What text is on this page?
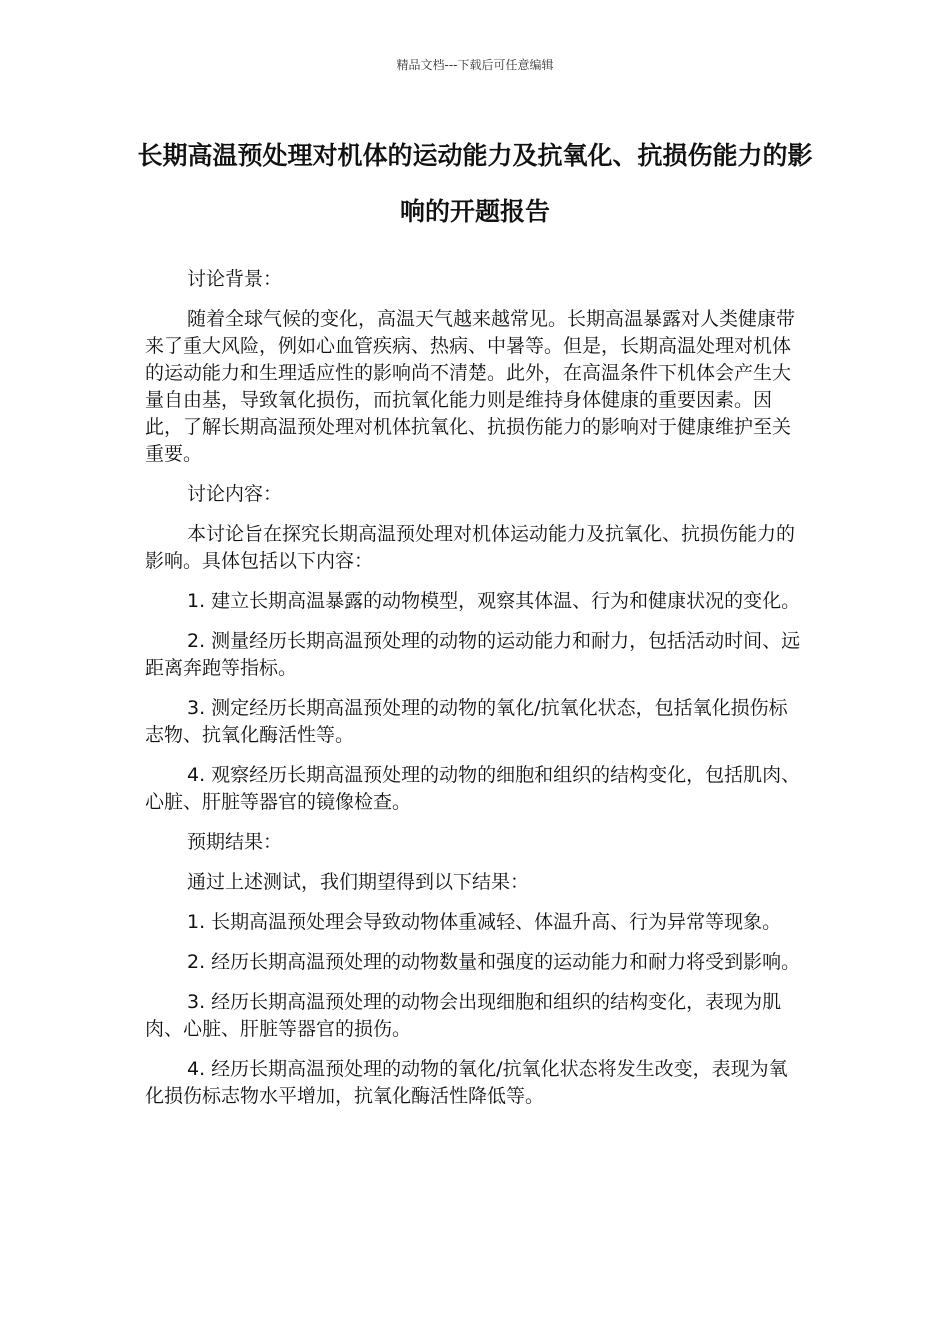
精品文档---下载后可任意编辑
长期高温预处理对机体的运动能力及抗氧化、抗损伤能力的影响的开题报告

讨论背景：

随着全球气候的变化，高温天气越来越常见。长期高温暴露对人类健康带来了重大风险，例如心血管疾病、热病、中暑等。但是，长期高温处理对机体的运动能力和生理适应性的影响尚不清楚。此外，在高温条件下机体会产生大量自由基，导致氧化损伤，而抗氧化能力则是维持身体健康的重要因素。因此，了解长期高温预处理对机体抗氧化、抗损伤能力的影响对于健康维护至关重要。

讨论内容：

本讨论旨在探究长期高温预处理对机体运动能力及抗氧化、抗损伤能力的影响。具体包括以下内容：

1. 建立长期高温暴露的动物模型，观察其体温、行为和健康状况的变化。

2. 测量经历长期高温预处理的动物的运动能力和耐力，包括活动时间、远距离奔跑等指标。

3. 测定经历长期高温预处理的动物的氧化/抗氧化状态，包括氧化损伤标志物、抗氧化酶活性等。

4. 观察经历长期高温预处理的动物的细胞和组织的结构变化，包括肌肉、心脏、肝脏等器官的镜像检查。

预期结果：

通过上述测试，我们期望得到以下结果：

1. 长期高温预处理会导致动物体重减轻、体温升高、行为异常等现象。

2. 经历长期高温预处理的动物数量和强度的运动能力和耐力将受到影响。

3. 经历长期高温预处理的动物会出现细胞和组织的结构变化，表现为肌肉、心脏、肝脏等器官的损伤。

4. 经历长期高温预处理的动物的氧化/抗氧化状态将发生改变，表现为氧化损伤标志物水平增加，抗氧化酶活性降低等。
